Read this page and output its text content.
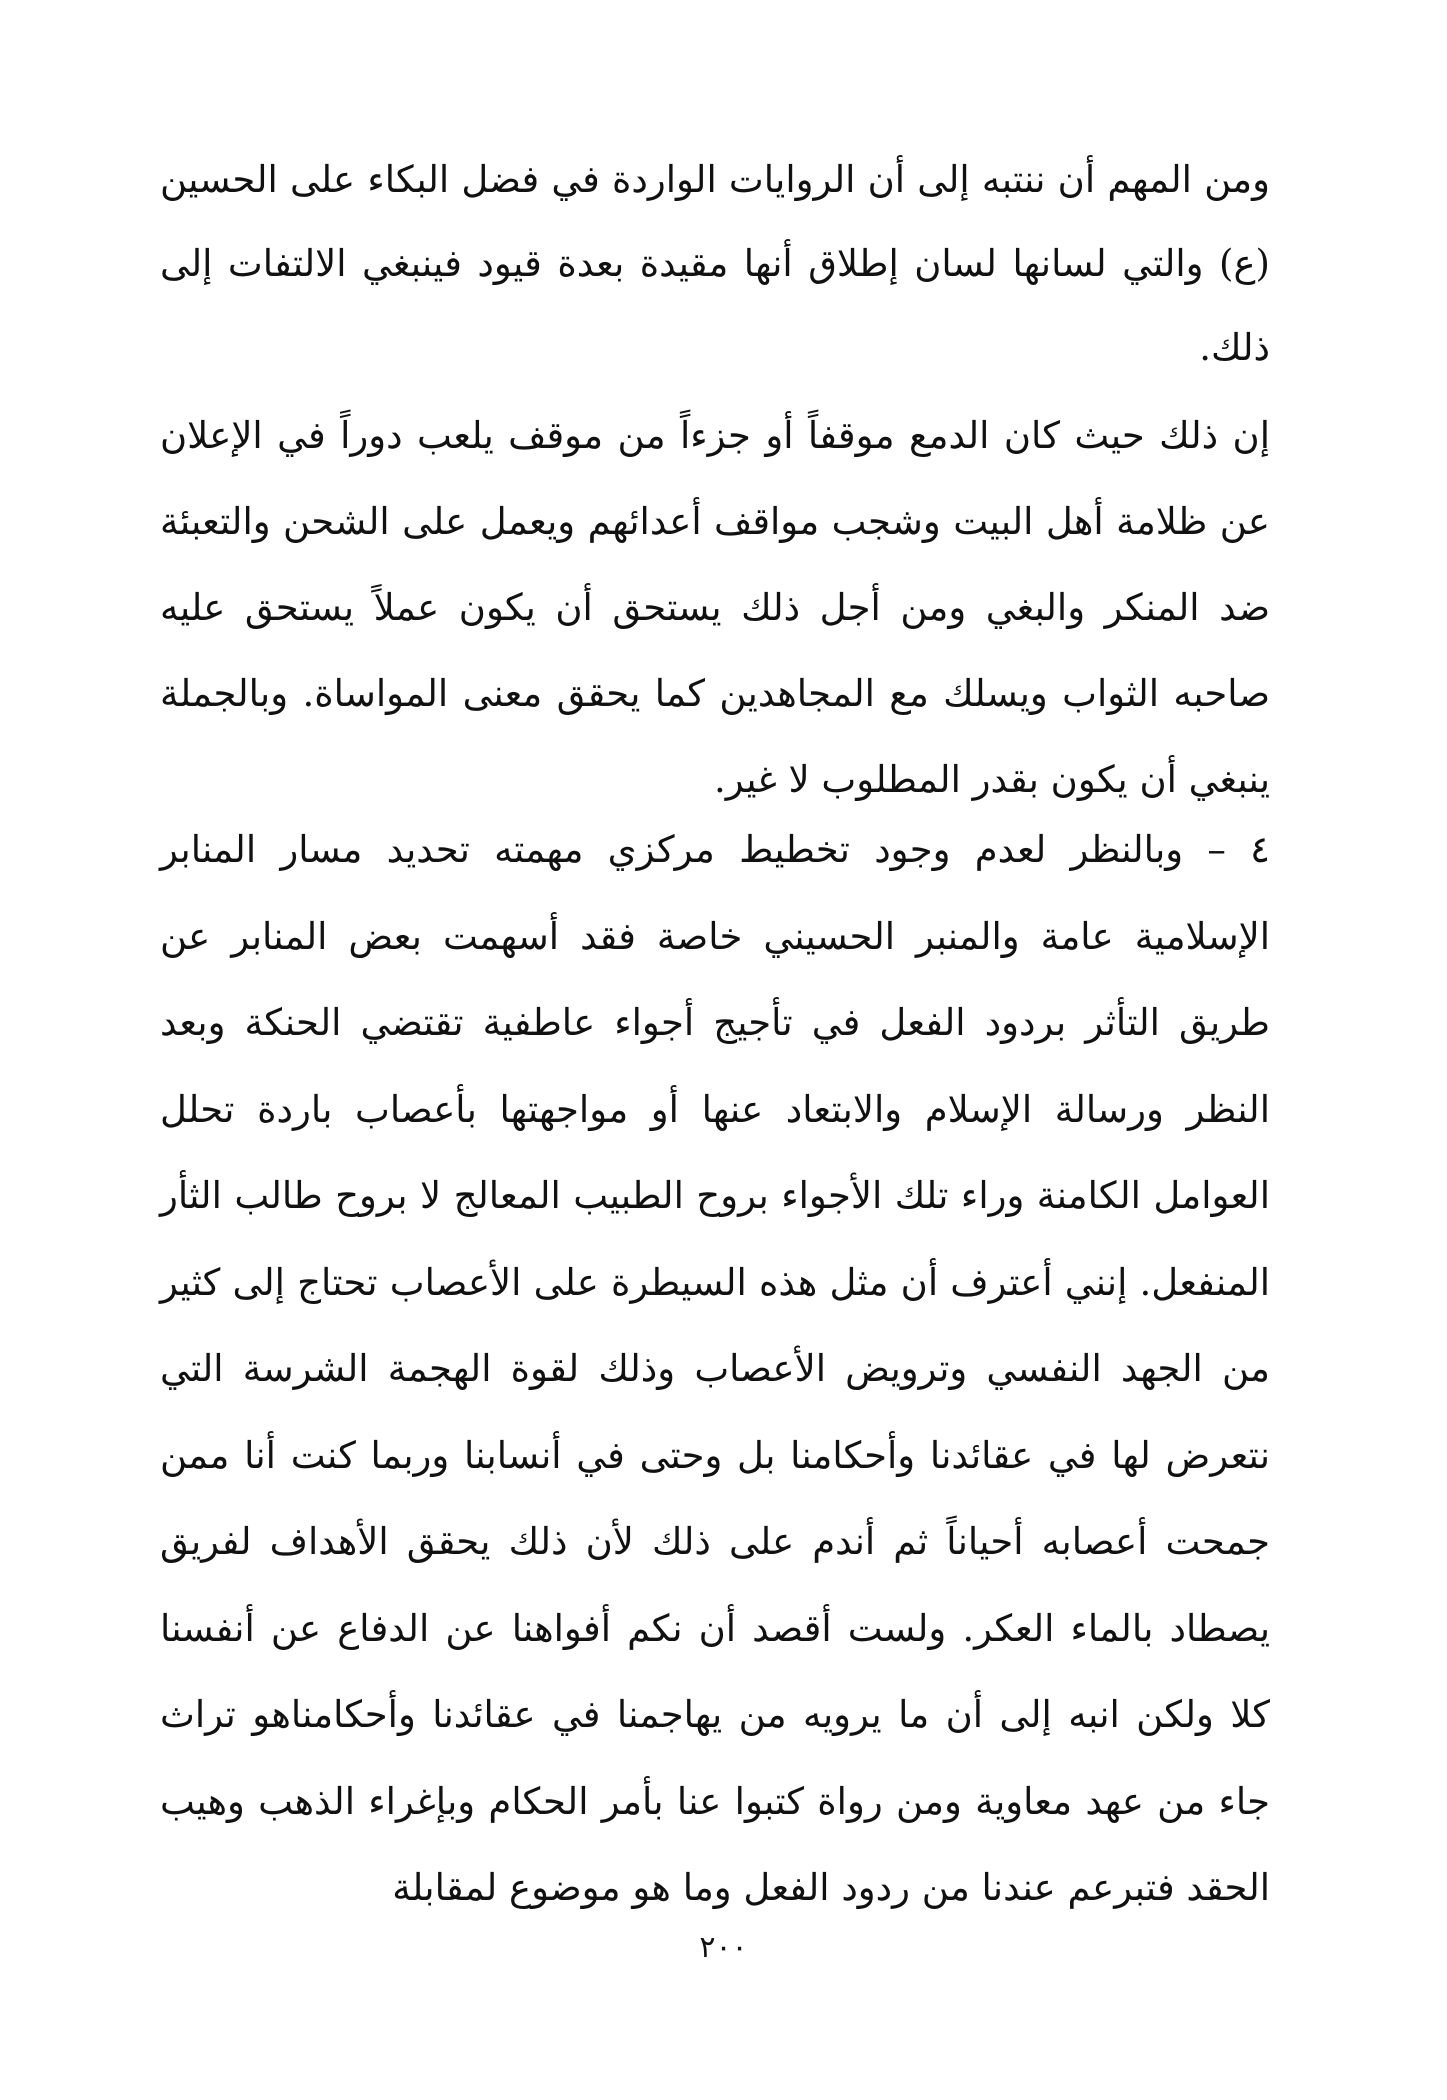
ومن المهم أن ننتبه إلى أن الروايات الواردة في فضل البكاء على الحسين (ع) والتي لسانها لسان إطلاق أنها مقيدة بعدة قيود فينبغي الالتفات إلى ذلك.

إن ذلك حيث كان الدمع موقفاً أو جزءاً من موقف يلعب دوراً في الإعلان عن ظلامة أهل البيت وشجب مواقف أعدائهم ويعمل على الشحن والتعبئة ضد المنكر والبغي ومن أجل ذلك يستحق أن يكون عملاً يستحق عليه صاحبه الثواب ويسلك مع المجاهدين كما يحقق معنى المواساة. وبالجملة ينبغي أن يكون بقدر المطلوب لا غير.

٤ – وبالنظر لعدم وجود تخطيط مركزي مهمته تحديد مسار المنابر الإسلامية عامة والمنبر الحسيني خاصة فقد أسهمت بعض المنابر عن طريق التأثر بردود الفعل في تأجيج أجواء عاطفية تقتضي الحنكة وبعد النظر ورسالة الإسلام والابتعاد عنها أو مواجهتها بأعصاب باردة تحلل العوامل الكامنة وراء تلك الأجواء بروح الطبيب المعالج لا بروح طالب الثأر المنفعل. إنني أعترف أن مثل هذه السيطرة على الأعصاب تحتاج إلى كثير من الجهد النفسي وترويض الأعصاب وذلك لقوة الهجمة الشرسة التي نتعرض لها في عقائدنا وأحكامنا بل وحتى في أنسابنا وربما كنت أنا ممن جمحت أعصابه أحياناً ثم أندم على ذلك لأن ذلك يحقق الأهداف لفريق يصطاد بالماء العكر. ولست أقصد أن نكم أفواهنا عن الدفاع عن أنفسنا كلا ولكن انبه إلى أن ما يرويه من يهاجمنا في عقائدنا وأحكامناهو تراث جاء من عهد معاوية ومن رواة كتبوا عنا بأمر الحكام وبإغراء الذهب وهيب الحقد فتبرعم عندنا من ردود الفعل وما هو موضوع لمقابلة

٢٠٠
